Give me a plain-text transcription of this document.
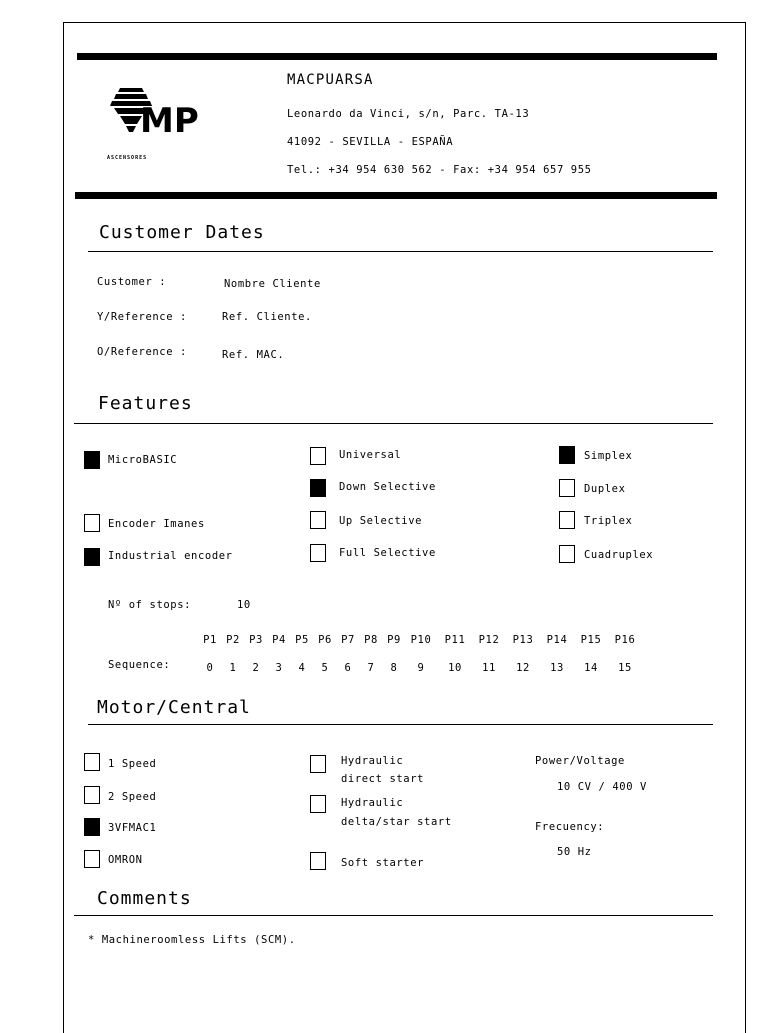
MP
ASCENSORES
MACPUARSA
Leonardo da Vinci, s/n, Parc. TA-13
41092 - SEVILLA - ESPAÑA
Tel.: +34 954 630 562 - Fax: +34 954 657 955
Customer Dates
Customer :	Nombre Cliente
Y/Reference :	Ref. Cliente.
O/Reference :	Ref. MAC.
Features
MicroBASIC
Encoder Imanes
Industrial encoder
Universal
Down Selective
Up Selective
Full Selective
Simplex
Duplex
Triplex
Cuadruplex
Nº of stops:	10
P1 P2 P3 P4 P5 P6 P7 P8 P9 P10 P11 P12 P13 P14 P15 P16
Sequence:	0 1 2 3 4 5 6 7 8 9 10 11 12 13 14 15
Motor/Central
1 Speed
2 Speed
3VFMAC1
OMRON
Hydraulic
direct start
Hydraulic
delta/star start
Soft starter
Power/Voltage
10 CV / 400 V
Frecuency:
50 Hz
Comments
* Machineroomless Lifts (SCM).
